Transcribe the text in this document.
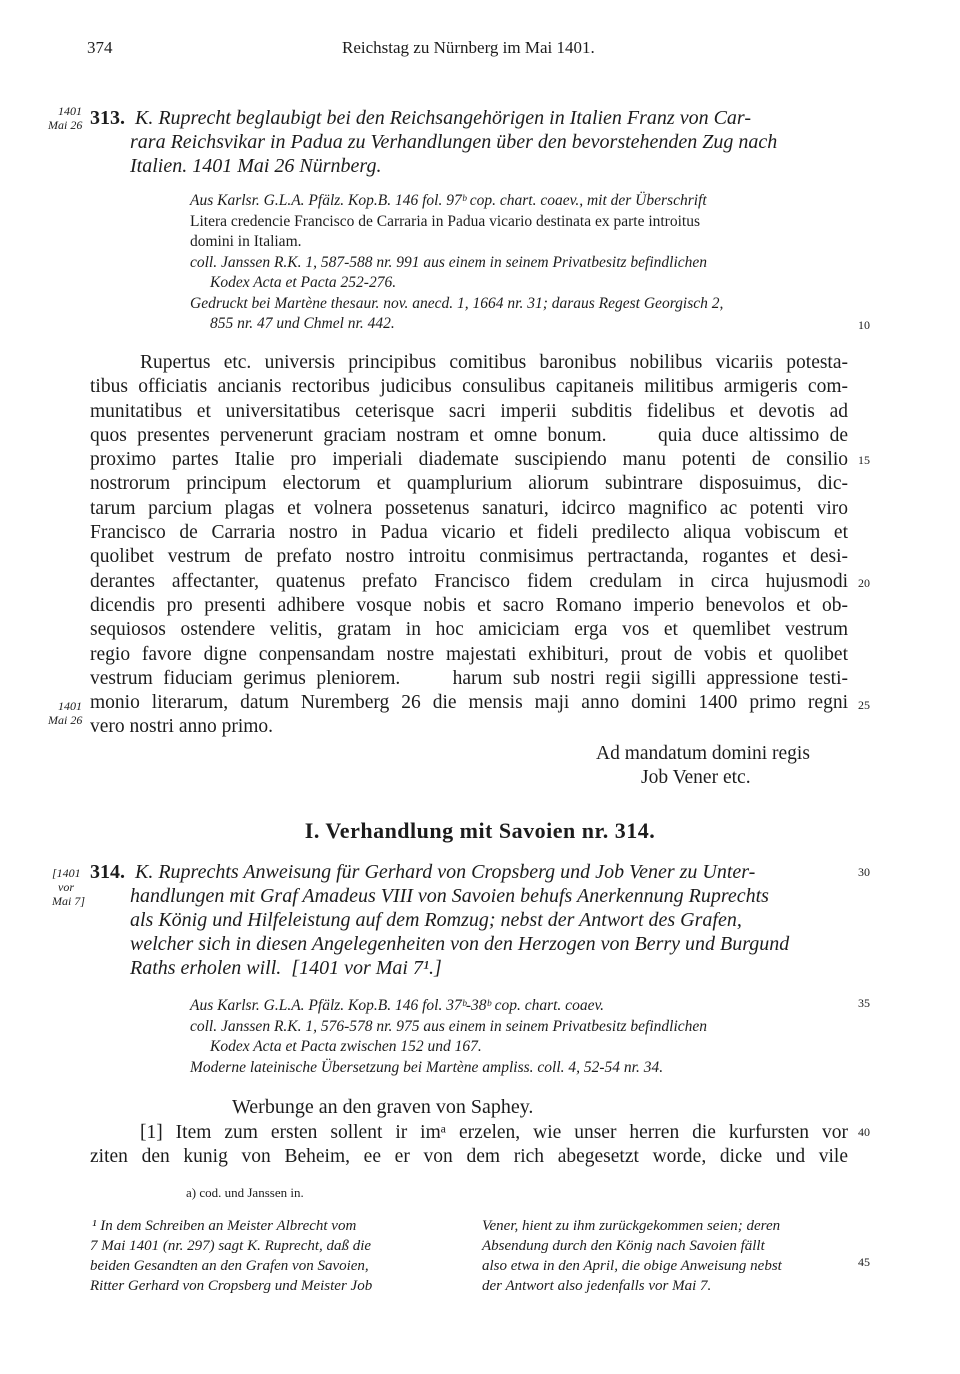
374	Reichstag zu Nürnberg im Mai 1401.
1401
Mai 26 313. K. Ruprecht beglaubigt bei den Reichsangehörigen in Italien Franz von Car-
rara Reichsvikar in Padua zu Verhandlungen über den bevorstehenden Zug nach
Italien. 1401 Mai 26 Nürnberg.
Aus Karlsr. G.L.A. Pfälz. Kop.B. 146 fol. 97ᵇ cop. chart. coaev., mit der Überschrift
Litera credencie Francisco de Carraria in Padua vicario destinata ex parte introitus
domini in Italiam.
coll. Janssen R.K. 1, 587-588 nr. 991 aus einem in seinem Privatbesitz befindlichen
Kodex Acta et Pacta 252-276.
Gedruckt bei Martène thesaur. nov. anecd. 1, 1664 nr. 31; daraus Regest Georgisch 2,
855 nr. 47 und Chmel nr. 442.	10
15
20
25
30
35
40
45
Rupertus etc. universis principibus comitibus baronibus nobilibus vicariis potesta-
tibus officiatis ancianis rectoribus judicibus consulibus capitaneis militibus armigeris com-
munitatibus et universitatibus ceterisque sacri imperii subditis fidelibus et devotis ad
quos presentes pervenerunt graciam nostram et omne bonum.     quia duce altissimo de
proximo partes Italie pro imperiali diademate suscipiendo manu potenti de consilio
nostrorum principum electorum et quamplurium aliorum subintrare disposuimus, dic-
tarum parcium plagas et volnera possetenus sanaturi, idcirco magnifico ac potenti viro
Francisco de Carraria nostro in Padua vicario et fideli predilecto aliqua vobiscum et
quolibet vestrum de prefato nostro introitu conmisimus pertractanda, rogantes et desi-
derantes affectanter, quatenus prefato Francisco fidem credulam in circa hujusmodi
dicendis pro presenti adhibere vosque nobis et sacro Romano imperio benevolos et ob-
sequiosos ostendere velitis, gratam in hoc amiciciam erga vos et quemlibet vestrum
regio favore digne conpensandam nostre majestati exhibituri, prout de vobis et quolibet
vestrum fiduciam gerimus pleniorem.     harum sub nostri regii sigilli appressione testi-
monio literarum, datum Nuremberg 26 die mensis maji anno domini 1400 primo regni
vero nostri anno primo.
1401
Mai 26
Ad mandatum domini regis
Job Vener etc.
I. Verhandlung mit Savoien nr. 314.
[1401
vor
Mai 7]
314. K. Ruprechts Anweisung für Gerhard von Cropsberg und Job Vener zu Unter-
handlungen mit Graf Amadeus VIII von Savoien behufs Anerkennung Ruprechts
als König und Hilfeleistung auf dem Romzug; nebst der Antwort des Grafen,
welcher sich in diesen Angelegenheiten von den Herzogen von Berry und Burgund
Raths erholen will.  [1401 vor Mai 7¹.]
Aus Karlsr. G.L.A. Pfälz. Kop.B. 146 fol. 37ᵇ-38ᵇ cop. chart. coaev.
coll. Janssen R.K. 1, 576-578 nr. 975 aus einem in seinem Privatbesitz befindlichen
Kodex Acta et Pacta zwischen 152 und 167.
Moderne lateinische Übersetzung bei Martène ampliss. coll. 4, 52-54 nr. 34.
Werbunge an den graven von Saphey.
[1] Item zum ersten sollent ir imᵃ erzelen, wie unser herren die kurfursten vor
ziten den kunig von Beheim, ee er von dem rich abegesetzt worde, dicke und vile
a) cod. und Janssen in.
¹ In dem Schreiben an Meister Albrecht vom
7 Mai 1401 (nr. 297) sagt K. Ruprecht, daß die
beiden Gesandten an den Grafen von Savoien,
Ritter Gerhard von Cropsberg und Meister Job
Vener, hient zu ihm zurückgekommen seien; deren
Absendung durch den König nach Savoien fällt
also etwa in den April, die obige Anweisung nebst
der Antwort also jedenfalls vor Mai 7.
